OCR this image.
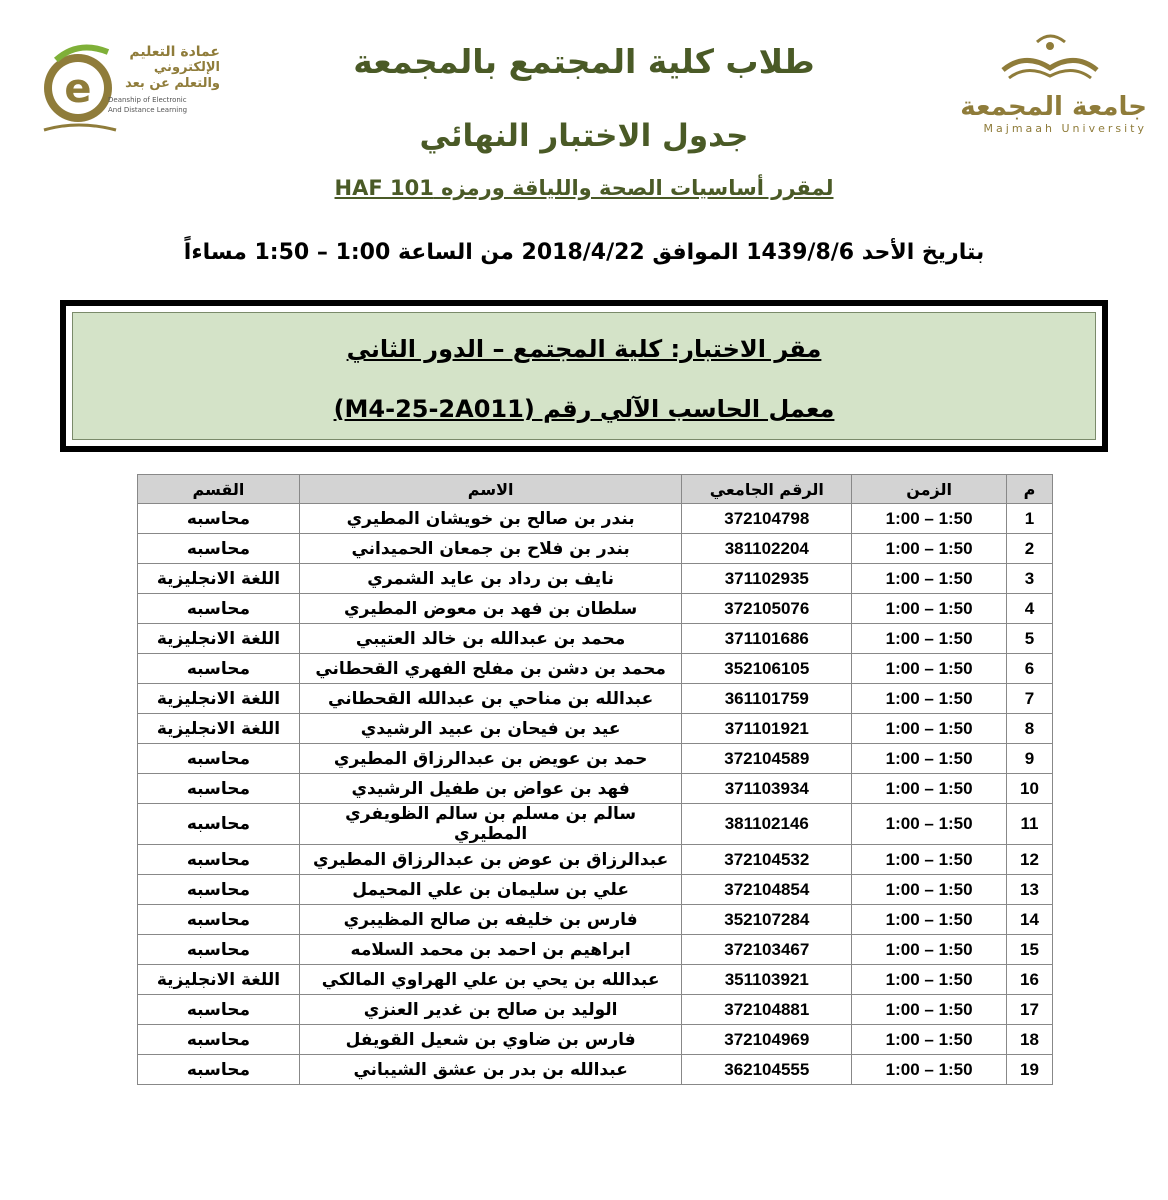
e
عمادة التعليم
الإلكتروني
والتعلم عن بعد
Deanship of Electronic
And Distance Learning	جامعة المجمعة
Majmaah University
طلاب كلية المجتمع بالمجمعة
جدول الاختبار النهائي
لمقرر أساسيات الصحة واللياقة ورمزه HAF 101
بتاريخ الأحد 1439/8/6 الموافق 2018/4/22 من الساعة 1:00 – 1:50 مساءاً
مقر الاختبار: كلية المجتمع – الدور الثاني
معمل الحاسب الآلي رقم (M4-25-2A011)
م	الزمن	الرقم الجامعي	الاسم	القسم
1	1:00 – 1:50	372104798	بندر بن صالح بن خويشان المطيري	محاسبه
2	1:00 – 1:50	381102204	بندر بن فلاح بن جمعان الحميداني	محاسبه
3	1:00 – 1:50	371102935	نايف بن رداد بن عايد الشمري	اللغة الانجليزية
4	1:00 – 1:50	372105076	سلطان بن فهد بن معوض المطيري	محاسبه
5	1:00 – 1:50	371101686	محمد بن عبدالله بن خالد العتيبي	اللغة الانجليزية
6	1:00 – 1:50	352106105	محمد بن دشن بن مفلح الفهري القحطاني	محاسبه
7	1:00 – 1:50	361101759	عبدالله بن مناحي بن عبدالله القحطاني	اللغة الانجليزية
8	1:00 – 1:50	371101921	عيد بن فيحان بن عبيد الرشيدي	اللغة الانجليزية
9	1:00 – 1:50	372104589	حمد بن عويض بن عبدالرزاق المطيري	محاسبه
10	1:00 – 1:50	371103934	فهد بن عواض بن طفيل الرشيدي	محاسبه
11	1:00 – 1:50	381102146	سالم بن مسلم بن سالم الظويفري المطيري	محاسبه
12	1:00 – 1:50	372104532	عبدالرزاق بن عوض بن عبدالرزاق المطيري	محاسبه
13	1:00 – 1:50	372104854	علي بن سليمان بن علي المحيمل	محاسبه
14	1:00 – 1:50	352107284	فارس بن خليفه بن صالح المظيبري	محاسبه
15	1:00 – 1:50	372103467	ابراهيم بن احمد بن محمد السلامه	محاسبه
16	1:00 – 1:50	351103921	عبدالله بن يحي بن علي الهراوي المالكي	اللغة الانجليزية
17	1:00 – 1:50	372104881	الوليد بن صالح بن غدير العنزي	محاسبه
18	1:00 – 1:50	372104969	فارس بن ضاوي بن شعيل القويفل	محاسبه
19	1:00 – 1:50	362104555	عبدالله بن بدر بن عشق الشيباني	محاسبه
